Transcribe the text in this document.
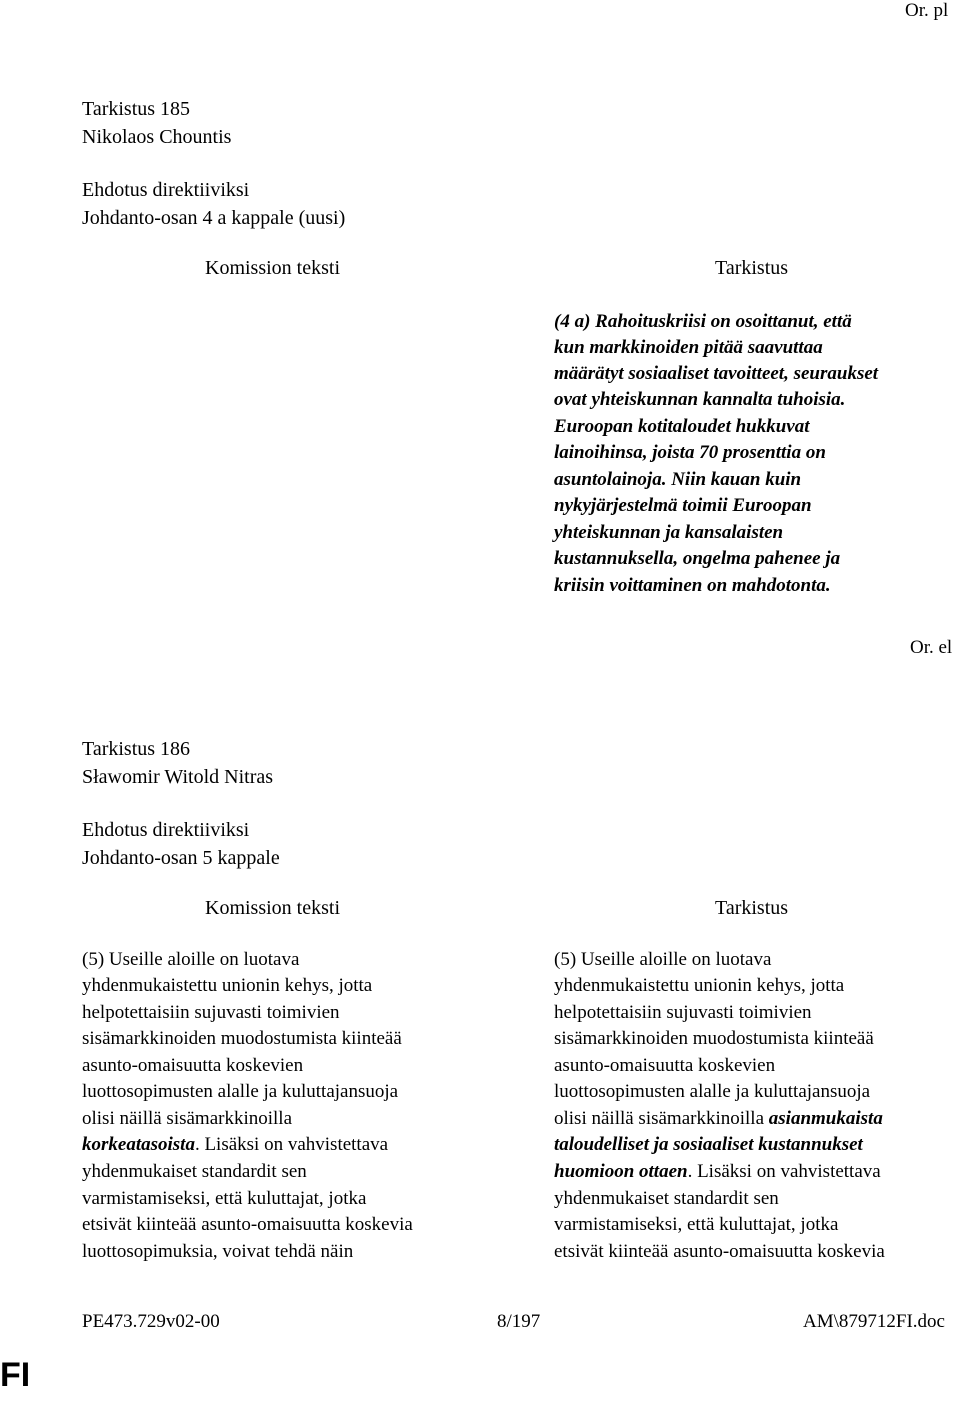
Or. pl
Tarkistus 185
Nikolaos Chountis
Ehdotus direktiiviksi
Johdanto-osan 4 a kappale (uusi)
Komission teksti	Tarkistus
(4 a) Rahoituskriisi on osoittanut, että
kun markkinoiden pitää saavuttaa
määrätyt sosiaaliset tavoitteet, seuraukset
ovat yhteiskunnan kannalta tuhoisia.
Euroopan kotitaloudet hukkuvat
lainoihinsa, joista 70 prosenttia on
asuntolainoja. Niin kauan kuin
nykyjärjestelmä toimii Euroopan
yhteiskunnan ja kansalaisten
kustannuksella, ongelma pahenee ja
kriisin voittaminen on mahdotonta.
Or. el
Tarkistus 186
Sławomir Witold Nitras
Ehdotus direktiiviksi
Johdanto-osan 5 kappale
Komission teksti	Tarkistus
(5) Useille aloille on luotava
yhdenmukaistettu unionin kehys, jotta
helpotettaisiin sujuvasti toimivien
sisämarkkinoiden muodostumista kiinteää
asunto-omaisuutta koskevien
luottosopimusten alalle ja kuluttajansuoja
olisi näillä sisämarkkinoilla
korkeatasoista. Lisäksi on vahvistettava
yhdenmukaiset standardit sen
varmistamiseksi, että kuluttajat, jotka
etsivät kiinteää asunto-omaisuutta koskevia
luottosopimuksia, voivat tehdä näin
(5) Useille aloille on luotava
yhdenmukaistettu unionin kehys, jotta
helpotettaisiin sujuvasti toimivien
sisämarkkinoiden muodostumista kiinteää
asunto-omaisuutta koskevien
luottosopimusten alalle ja kuluttajansuoja
olisi näillä sisämarkkinoilla asianmukaista
taloudelliset ja sosiaaliset kustannukset
huomioon ottaen. Lisäksi on vahvistettava
yhdenmukaiset standardit sen
varmistamiseksi, että kuluttajat, jotka
etsivät kiinteää asunto-omaisuutta koskevia
PE473.729v02-00	8/197	AM\879712FI.doc
FI
